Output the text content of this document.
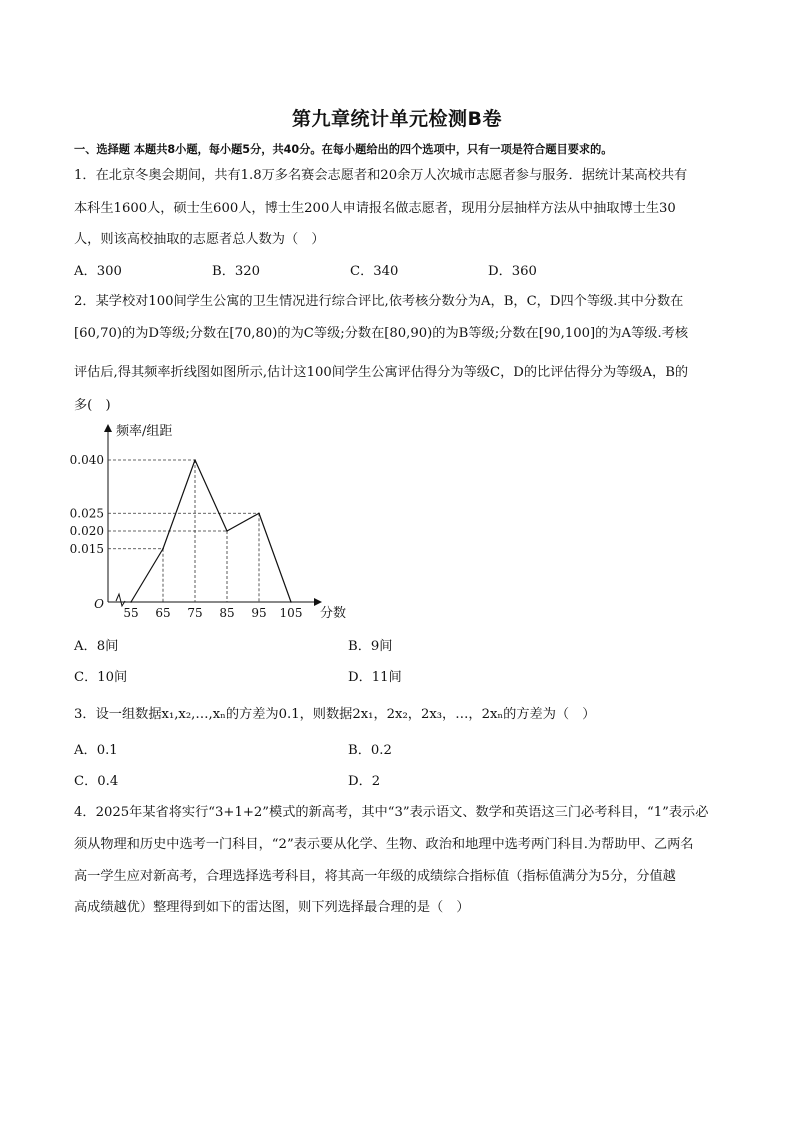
第九章统计单元检测B卷
一、选择题 本题共8小题，每小题5分，共40分。在每小题给出的四个选项中，只有一项是符合题目要求的。
1．在北京冬奥会期间，共有1.8万多名赛会志愿者和20余万人次城市志愿者参与服务．据统计某高校共有
本科生1600人，硕士生600人，博士生200人申请报名做志愿者，现用分层抽样方法从中抽取博士生30
人，则该高校抽取的志愿者总人数为（　）
A．300	B．320	C．340	D．360
2．某学校对100间学生公寓的卫生情况进行综合评比,依考核分数分为A，B，C，D四个等级.其中分数在
[60,70)的为D等级;分数在[70,80)的为C等级;分数在[80,90)的为B等级;分数在[90,100]的为A等级.考核
评估后,得其频率折线图如图所示,估计这100间学生公寓评估得分为等级C，D的比评估得分为等级A，B的
多(　)
0.040
0.025
0.020
0.015
55 65 75 85 95 105
O
频率/组距
分数
A．8间	B．9间
C．10间	D．11间
3．设一组数据x₁,x₂,…,xₙ的方差为0.1，则数据2x₁，2x₂，2x₃，…，2xₙ的方差为（　）
A．0.1	B．0.2
C．0.4	D．2
4．2025年某省将实行“3+1+2”模式的新高考，其中“3”表示语文、数学和英语这三门必考科目，“1”表示必
须从物理和历史中选考一门科目，“2”表示要从化学、生物、政治和地理中选考两门科目.为帮助甲、乙两名
高一学生应对新高考，合理选择选考科目，将其高一年级的成绩综合指标值（指标值满分为5分，分值越
高成绩越优）整理得到如下的雷达图，则下列选择最合理的是（　）
